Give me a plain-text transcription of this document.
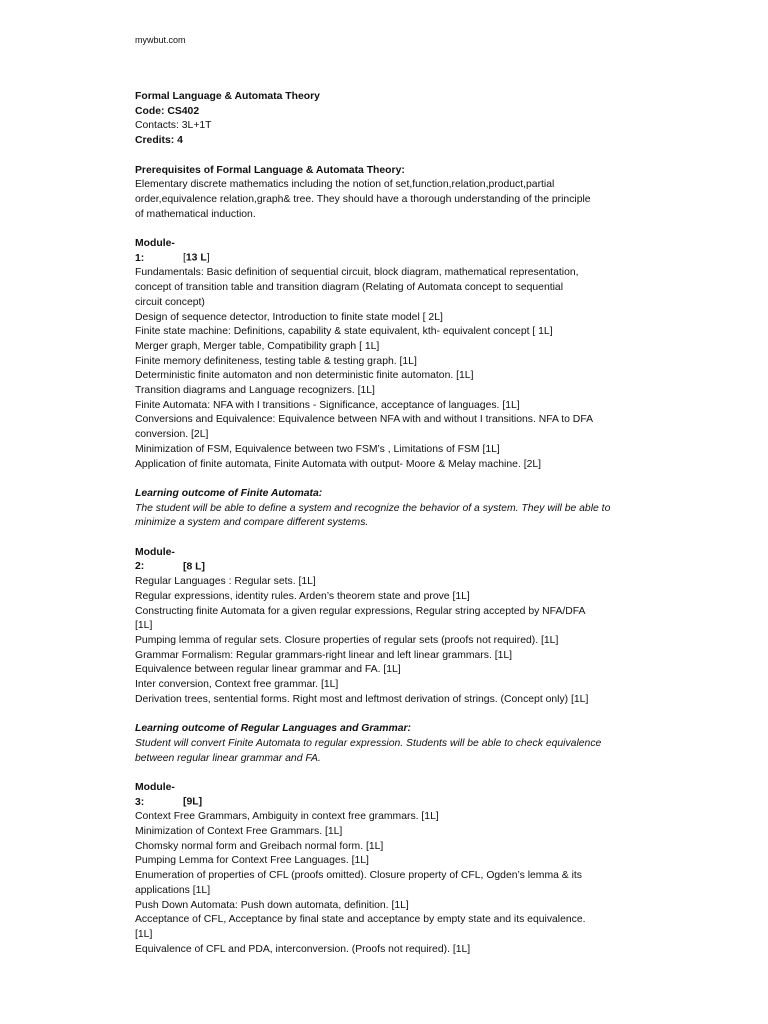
mywbut.com
Formal Language & Automata Theory
Code: CS402
Contacts: 3L+1T
Credits: 4
Prerequisites of Formal Language & Automata Theory:
Elementary discrete mathematics including the notion of set,function,relation,product,partial
order,equivalence relation,graph& tree. They should have a thorough understanding of the principle
of mathematical induction.
Module-1:	[13 L]
Fundamentals: Basic definition of sequential circuit, block diagram, mathematical representation,
concept of transition table and transition diagram (Relating of Automata concept to sequential
circuit concept)
Design of sequence detector, Introduction to finite state model [ 2L]
Finite state machine: Definitions, capability & state equivalent, kth- equivalent concept [ 1L]
Merger graph, Merger table, Compatibility graph [ 1L]
Finite memory definiteness, testing table & testing graph. [1L]
Deterministic finite automaton and non deterministic finite automaton. [1L]
Transition diagrams and Language recognizers. [1L]
Finite Automata: NFA with I transitions - Significance, acceptance of languages. [1L]
Conversions and Equivalence: Equivalence between NFA with and without I transitions. NFA to DFA
conversion. [2L]
Minimization of FSM, Equivalence between two FSM’s , Limitations of FSM [1L]
Application of finite automata, Finite Automata with output- Moore & Melay machine. [2L]
Learning outcome of Finite Automata:
The student will be able to define a system and recognize the behavior of a system. They will be able to
minimize a system and compare different systems.
Module-2:	[8 L]
Regular Languages : Regular sets. [1L]
Regular expressions, identity rules. Arden’s theorem state and prove [1L]
Constructing finite Automata for a given regular expressions, Regular string accepted by NFA/DFA
[1L]
Pumping lemma of regular sets. Closure properties of regular sets (proofs not required). [1L]
Grammar Formalism: Regular grammars-right linear and left linear grammars. [1L]
Equivalence between regular linear grammar and FA. [1L]
Inter conversion, Context free grammar. [1L]
Derivation trees, sentential forms. Right most and leftmost derivation of strings. (Concept only) [1L]
Learning outcome of Regular Languages and Grammar:
Student will convert Finite Automata to regular expression. Students will be able to check equivalence
between regular linear grammar and FA.
Module-3:	[9L]
Context Free Grammars, Ambiguity in context free grammars. [1L]
Minimization of Context Free Grammars. [1L]
Chomsky normal form and Greibach normal form. [1L]
Pumping Lemma for Context Free Languages. [1L]
Enumeration of properties of CFL (proofs omitted). Closure property of CFL, Ogden’s lemma & its
applications [1L]
Push Down Automata: Push down automata, definition. [1L]
Acceptance of CFL, Acceptance by final state and acceptance by empty state and its equivalence.
[1L]
Equivalence of CFL and PDA, interconversion. (Proofs not required). [1L]
